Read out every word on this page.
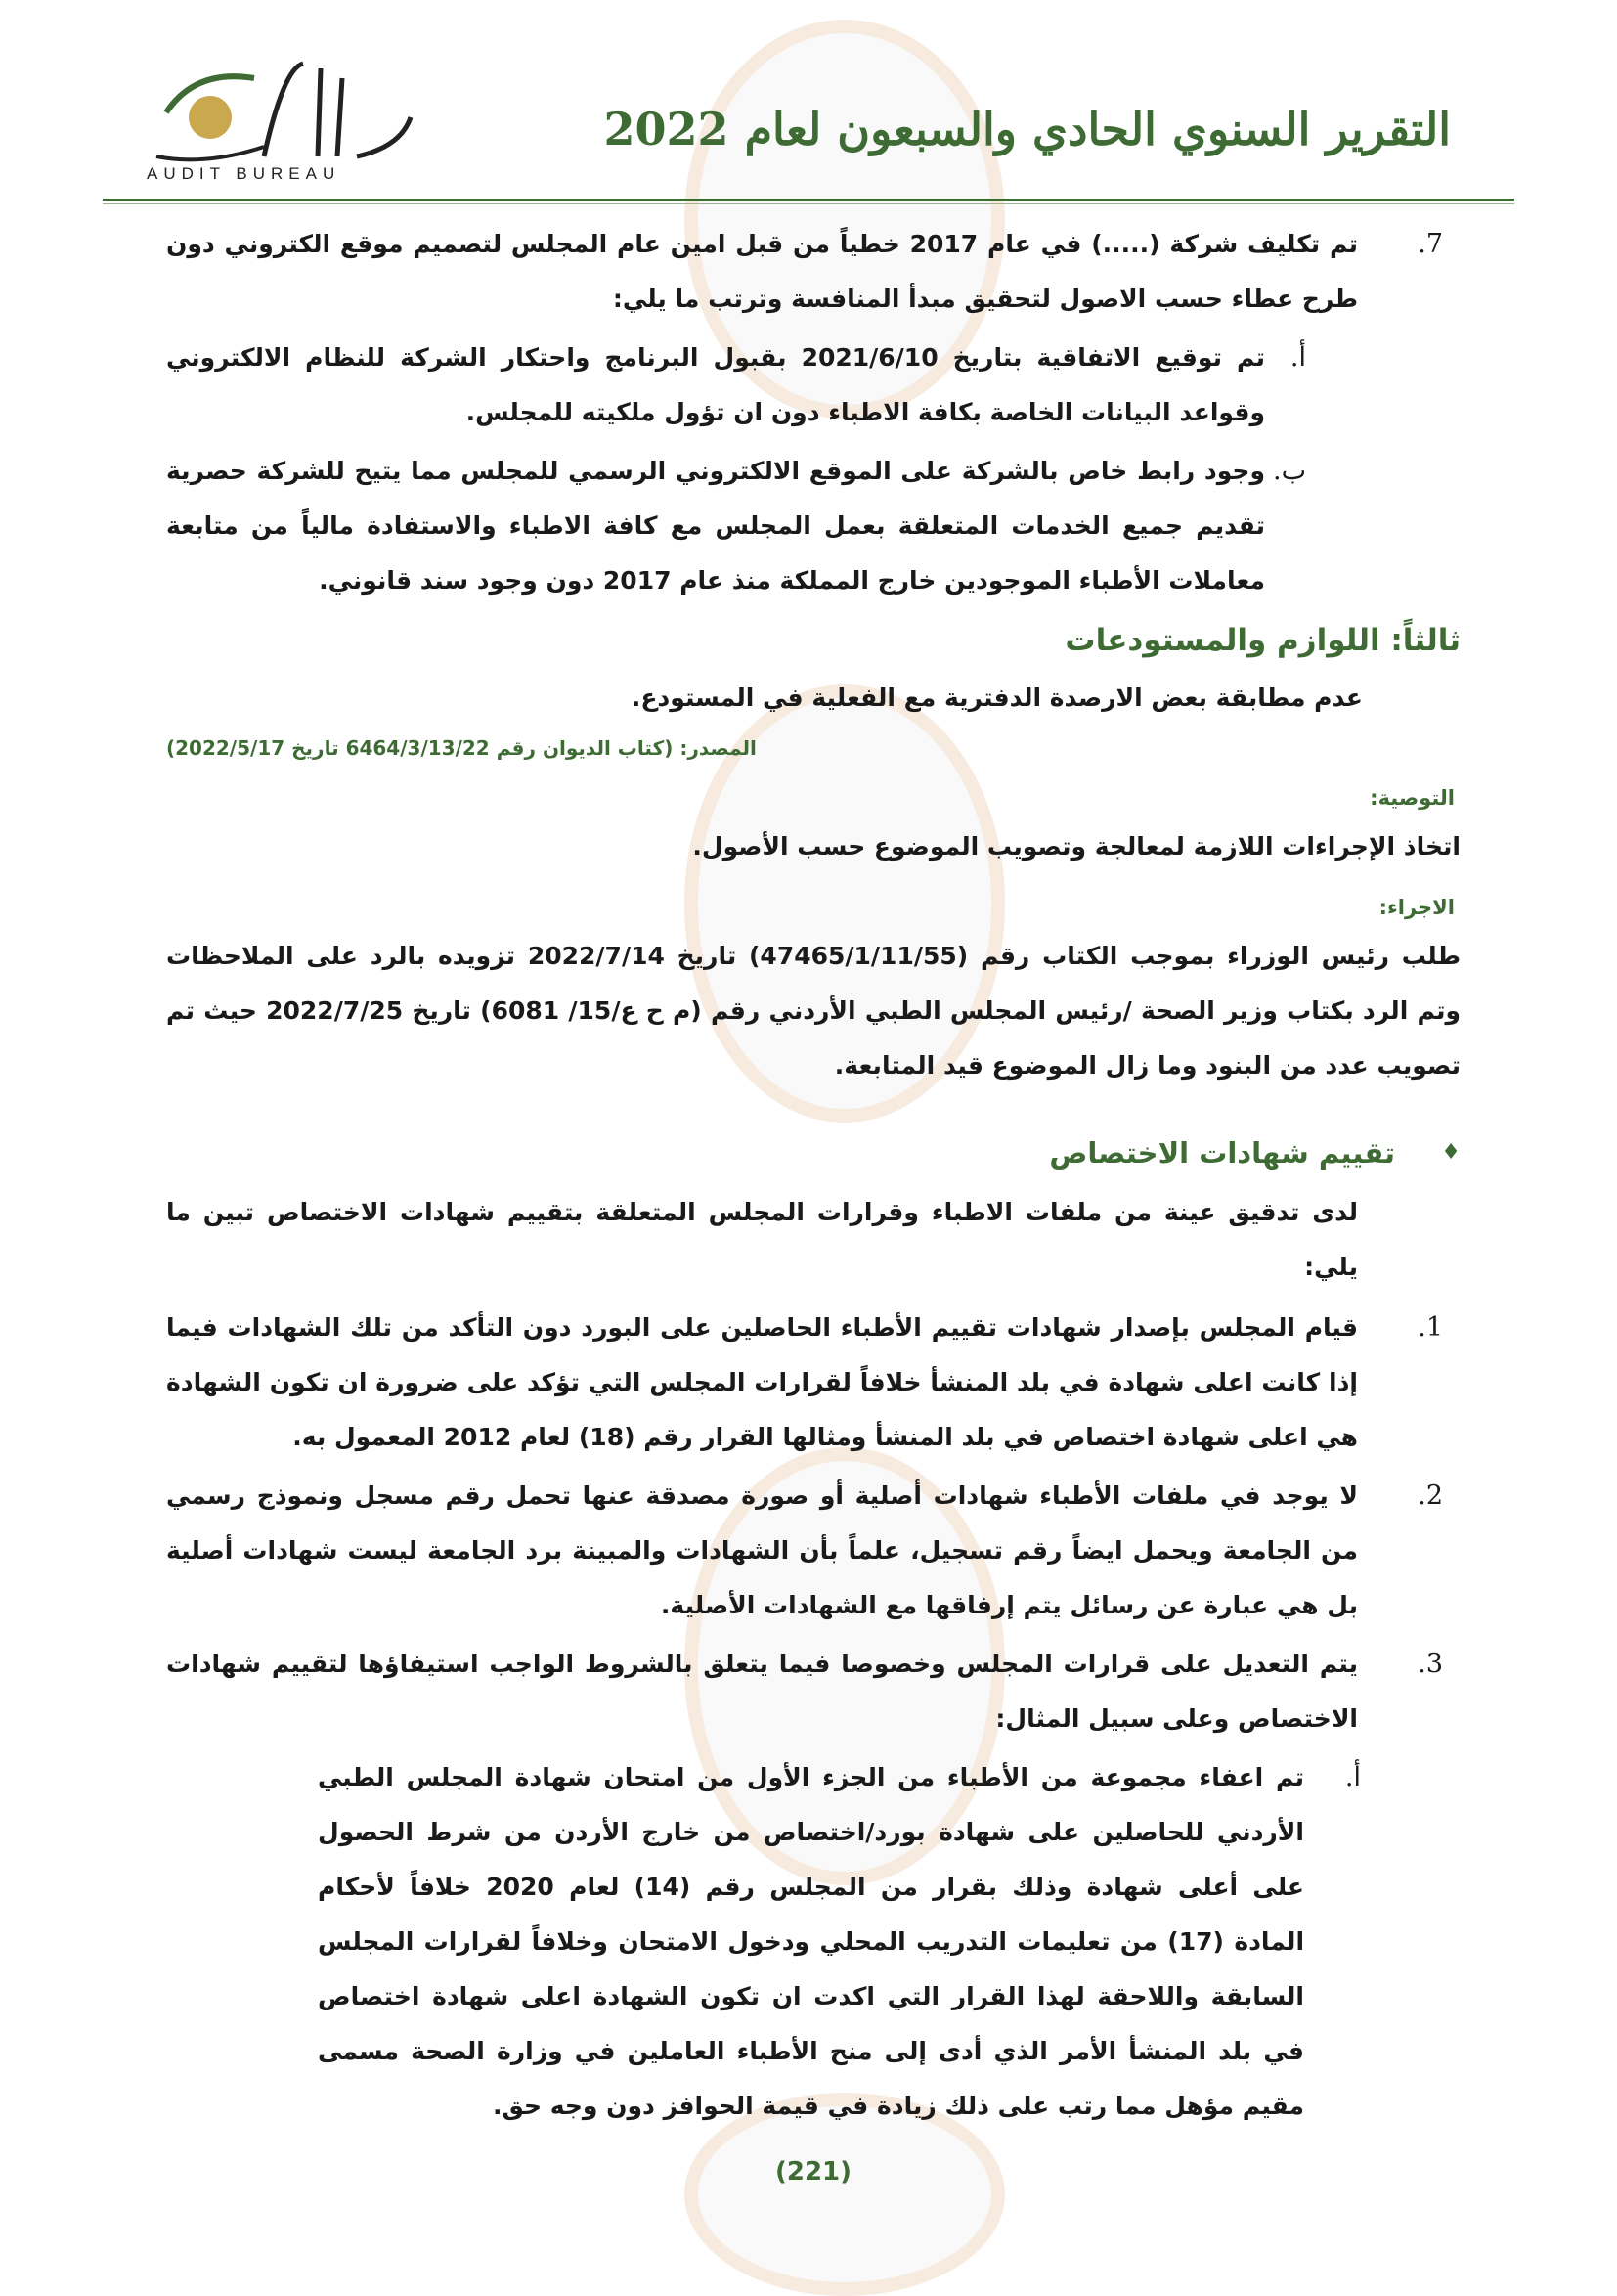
AUDIT BUREAU
التقرير السنوي الحادي والسبعون لعام 2022
7.
تم تكليف شركة (.....) في عام 2017 خطياً من قبل امين عام المجلس لتصميم موقع الكتروني دون طرح عطاء حسب الاصول لتحقيق مبدأ المنافسة وترتب ما يلي:
أ.
تم توقيع الاتفاقية بتاريخ 2021/6/10 بقبول البرنامج واحتكار الشركة للنظام الالكتروني وقواعد البيانات الخاصة بكافة الاطباء دون ان تؤول ملكيته للمجلس.
ب.
وجود رابط خاص بالشركة على الموقع الالكتروني الرسمي للمجلس مما يتيح للشركة حصرية تقديم جميع الخدمات المتعلقة بعمل المجلس مع كافة الاطباء والاستفادة مالياً من متابعة معاملات الأطباء الموجودين خارج المملكة منذ عام 2017 دون وجود سند قانوني.
ثالثاً: اللوازم والمستودعات
عدم مطابقة بعض الارصدة الدفترية مع الفعلية في المستودع.
المصدر: (كتاب الديوان رقم 6464/3/13/22 تاريخ 2022/5/17)
التوصية:
اتخاذ الإجراءات اللازمة لمعالجة وتصويب الموضوع حسب الأصول.
الاجراء:
طلب رئيس الوزراء بموجب الكتاب رقم (47465/1/11/55) تاريخ 2022/7/14 تزويده بالرد على الملاحظات وتم الرد بكتاب وزير الصحة /رئيس المجلس الطبي الأردني رقم (م ح ع/15/ 6081) تاريخ 2022/7/25 حيث تم تصويب عدد من البنود وما زال الموضوع قيد المتابعة.
♦
تقييم شهادات الاختصاص
لدى تدقيق عينة من ملفات الاطباء وقرارات المجلس المتعلقة بتقييم شهادات الاختصاص تبين ما يلي:
1.
قيام المجلس بإصدار شهادات تقييم الأطباء الحاصلين على البورد دون التأكد من تلك الشهادات فيما إذا كانت اعلى شهادة في بلد المنشأ خلافاً لقرارات المجلس التي تؤكد على ضرورة ان تكون الشهادة هي اعلى شهادة اختصاص في بلد المنشأ ومثالها القرار رقم (18) لعام 2012 المعمول به.
2.
لا يوجد في ملفات الأطباء شهادات أصلية أو صورة مصدقة عنها تحمل رقم مسجل ونموذج رسمي من الجامعة ويحمل ايضاً رقم تسجيل، علماً بأن الشهادات والمبينة برد الجامعة ليست شهادات أصلية بل هي عبارة عن رسائل يتم إرفاقها مع الشهادات الأصلية.
3.
يتم التعديل على قرارات المجلس وخصوصا فيما يتعلق بالشروط الواجب استيفاؤها لتقييم شهادات الاختصاص وعلى سبيل المثال:
أ.
تم اعفاء مجموعة من الأطباء من الجزء الأول من امتحان شهادة المجلس الطبي الأردني للحاصلين على شهادة بورد/اختصاص من خارج الأردن من شرط الحصول على أعلى شهادة وذلك بقرار من المجلس رقم (14) لعام 2020 خلافاً لأحكام المادة (17) من تعليمات التدريب المحلي ودخول الامتحان وخلافاً لقرارات المجلس السابقة واللاحقة لهذا القرار التي اكدت ان تكون الشهادة اعلى شهادة اختصاص في بلد المنشأ الأمر الذي أدى إلى منح الأطباء العاملين في وزارة الصحة مسمى مقيم مؤهل مما رتب على ذلك زيادة في قيمة الحوافز دون وجه حق.
(221)
